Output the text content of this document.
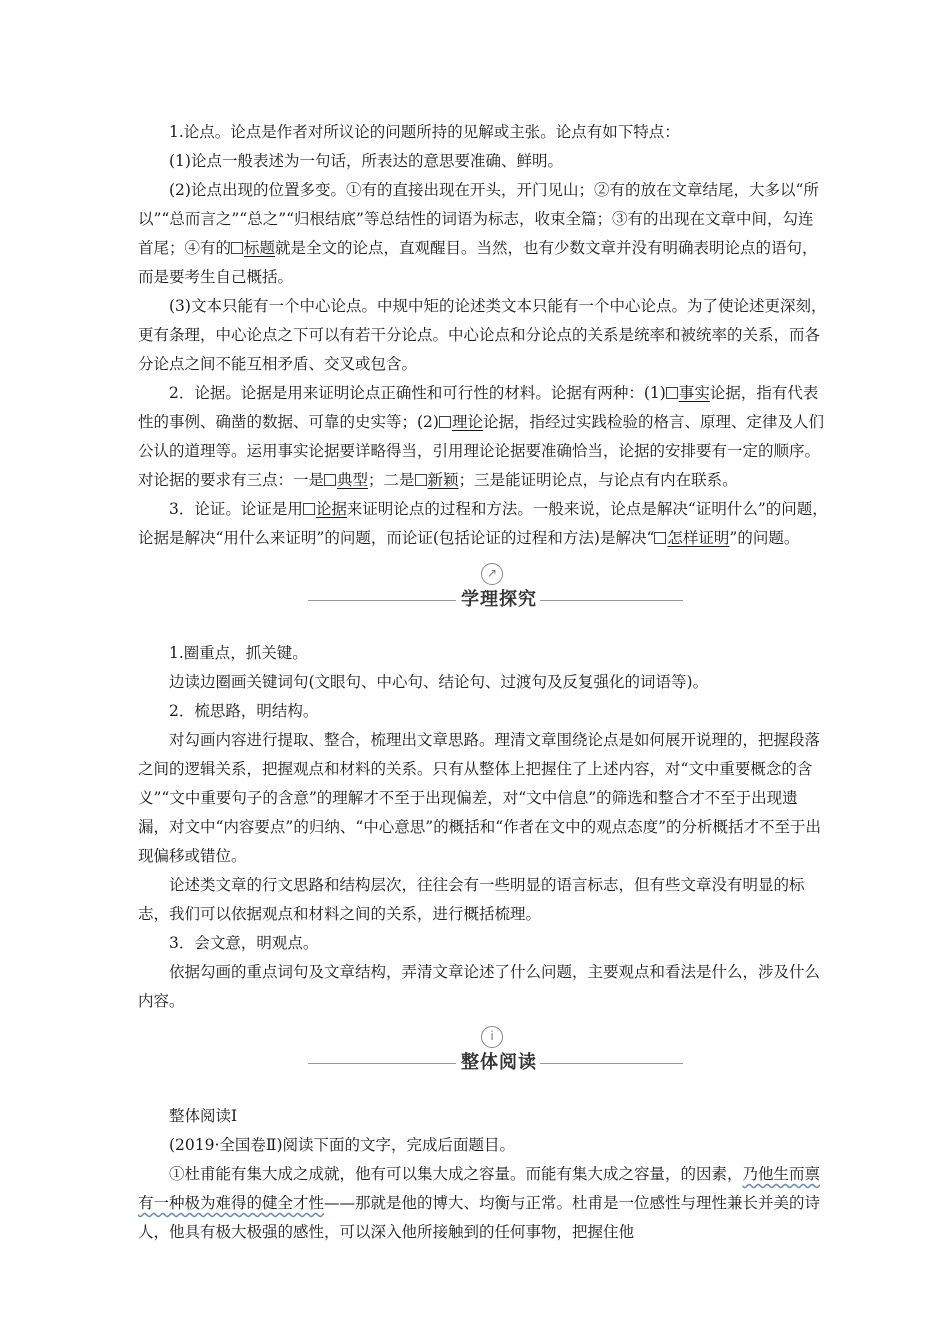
1.论点。论点是作者对所议论的问题所持的见解或主张。论点有如下特点：

(1)论点一般表述为一句话，所表达的意思要准确、鲜明。

(2)论点出现的位置多变。①有的直接出现在开头，开门见山；②有的放在文章结尾，大多以“所以”“总而言之”“总之”“归根结底”等总结性的词语为标志，收束全篇；③有的出现在文章中间，勾连首尾；④有的 标题就是全文的论点，直观醒目。当然，也有少数文章并没有明确表明论点的语句，而是要考生自己概括。

(3)文本只能有一个中心论点。中规中矩的论述类文本只能有一个中心论点。为了使论述更深刻，更有条理，中心论点之下可以有若干分论点。中心论点和分论点的关系是统率和被统率的关系，而各分论点之间不能互相矛盾、交叉或包含。

2．论据。论据是用来证明论点正确性和可行性的材料。论据有两种：(1) 事实论据，指有代表性的事例、确凿的数据、可靠的史实等；(2) 理论论据，指经过实践检验的格言、原理、定律及人们公认的道理等。运用事实论据要详略得当，引用理论论据要准确恰当，论据的安排要有一定的顺序。对论据的要求有三点：一是 典型；二是 新颖；三是能证明论点，与论点有内在联系。

3．论证。论证是用 论据来证明论点的过程和方法。一般来说，论点是解决“证明什么”的问题，论据是解决“用什么来证明”的问题，而论证(包括论证的过程和方法)是解决“ 怎样证明”的问题。

↗
学理探究

1.圈重点，抓关键。

边读边圈画关键词句(文眼句、中心句、结论句、过渡句及反复强化的词语等)。

2．梳思路，明结构。

对勾画内容进行提取、整合，梳理出文章思路。理清文章围绕论点是如何展开说理的，把握段落之间的逻辑关系，把握观点和材料的关系。只有从整体上把握住了上述内容，对“文中重要概念的含义”“文中重要句子的含意”的理解才不至于出现偏差，对“文中信息”的筛选和整合才不至于出现遗漏，对文中“内容要点”的归纳、“中心意思”的概括和“作者在文中的观点态度”的分析概括才不至于出现偏移或错位。

论述类文章的行文思路和结构层次，往往会有一些明显的语言标志，但有些文章没有明显的标志，我们可以依据观点和材料之间的关系，进行概括梳理。

3．会文意，明观点。

依据勾画的重点词句及文章结构，弄清文章论述了什么问题，主要观点和看法是什么，涉及什么内容。

i
整体阅读

整体阅读Ⅰ

(2019·全国卷Ⅱ)阅读下面的文字，完成后面题目。

①杜甫能有集大成之成就，他有可以集大成之容量。而能有集大成之容量，的因素，乃他生而禀有一种极为难得的健全才性——那就是他的博大、均衡与正常。杜甫是一位感性与理性兼长并美的诗人，他具有极大极强的感性，可以深入他所接触到的任何事物，把握住他
